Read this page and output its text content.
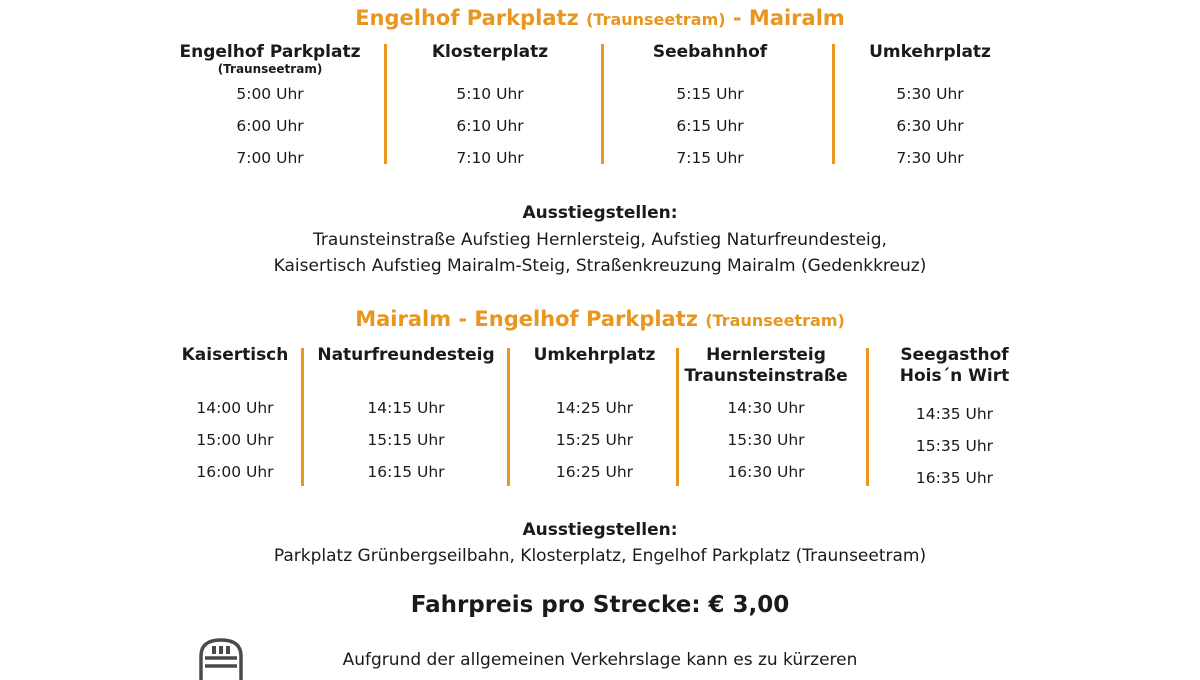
Engelhof Parkplatz (Traunseetram) - Mairalm
Engelhof Parkplatz
(Traunseetram)
5:00 Uhr
6:00 Uhr
7:00 Uhr
Klosterplatz
5:10 Uhr
6:10 Uhr
7:10 Uhr
Seebahnhof
5:15 Uhr
6:15 Uhr
7:15 Uhr
Umkehrplatz
5:30 Uhr
6:30 Uhr
7:30 Uhr
Ausstiegstellen:
Traunsteinstraße Aufstieg Hernlersteig, Aufstieg Naturfreundesteig,
Kaisertisch Aufstieg Mairalm-Steig, Straßenkreuzung Mairalm (Gedenkkreuz)
Mairalm - Engelhof Parkplatz (Traunseetram)
Kaisertisch
14:00 Uhr
15:00 Uhr
16:00 Uhr
Naturfreundesteig
14:15 Uhr
15:15 Uhr
16:15 Uhr
Umkehrplatz
14:25 Uhr
15:25 Uhr
16:25 Uhr
Hernlersteig
Traunsteinstraße
14:30 Uhr
15:30 Uhr
16:30 Uhr
Seegasthof
Hois´n Wirt
14:35 Uhr
15:35 Uhr
16:35 Uhr
Ausstiegstellen:
Parkplatz Grünbergseilbahn, Klosterplatz, Engelhof Parkplatz (Traunseetram)
Fahrpreis pro Strecke: € 3,00
Aufgrund der allgemeinen Verkehrslage kann es zu kürzeren
